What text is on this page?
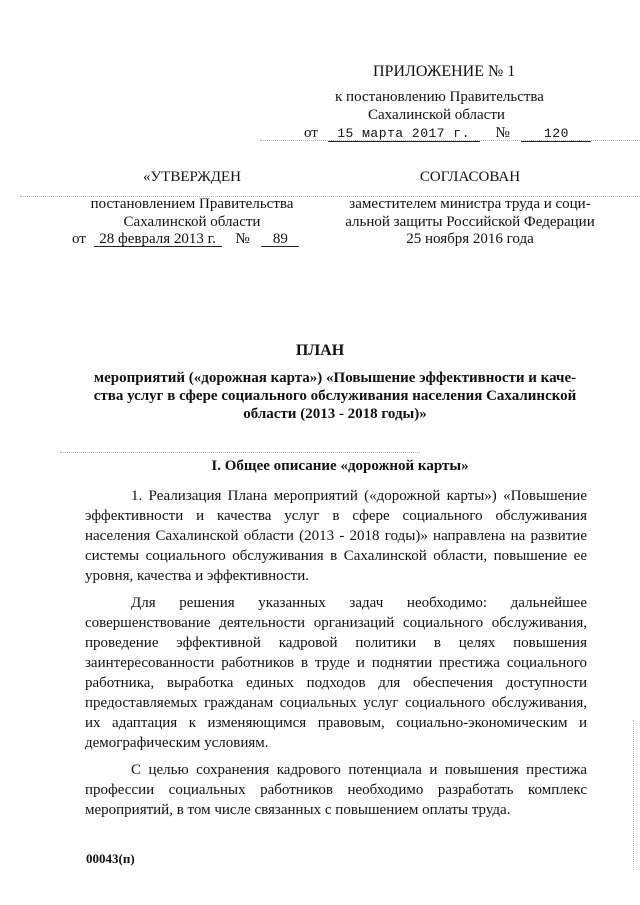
ПРИЛОЖЕНИЕ № 1
к постановлению Правительства
Сахалинской области
от 15 марта 2017 г. №	120
«УТВЕРЖДЕН
постановлением Правительства
Сахалинской области
от 28 февраля 2013 г. № 89
СОГЛАСОВАН
заместителем министра труда и соци-
альной защиты Российской Федерации
25 ноября 2016 года
ПЛАН
мероприятий («дорожная карта») «Повышение эффективности и каче-
ства услуг в сфере социального обслуживания населения Сахалинской
области (2013 - 2018 годы)»
I. Общее описание «дорожной карты»
1. Реализация Плана мероприятий («дорожной карты») «Повышение
эффективности и качества услуг в сфере социального обслуживания
населения Сахалинской области (2013 - 2018 годы)» направлена на развитие
системы социального обслуживания в Сахалинской области, повышение ее
уровня, качества и эффективности.
Для решения указанных задач необходимо: дальнейшее
совершенствование деятельности организаций социального обслуживания,
проведение эффективной кадровой политики в целях повышения
заинтересованности работников в труде и поднятии престижа социального
работника, выработка единых подходов для обеспечения доступности
предоставляемых гражданам социальных услуг социального обслуживания,
их адаптация к изменяющимся правовым, социально-экономическим и
демографическим условиям.
С целью сохранения кадрового потенциала и повышения престижа
профессии социальных работников необходимо разработать комплекс
мероприятий, в том числе связанных с повышением оплаты труда.
00043(п)
